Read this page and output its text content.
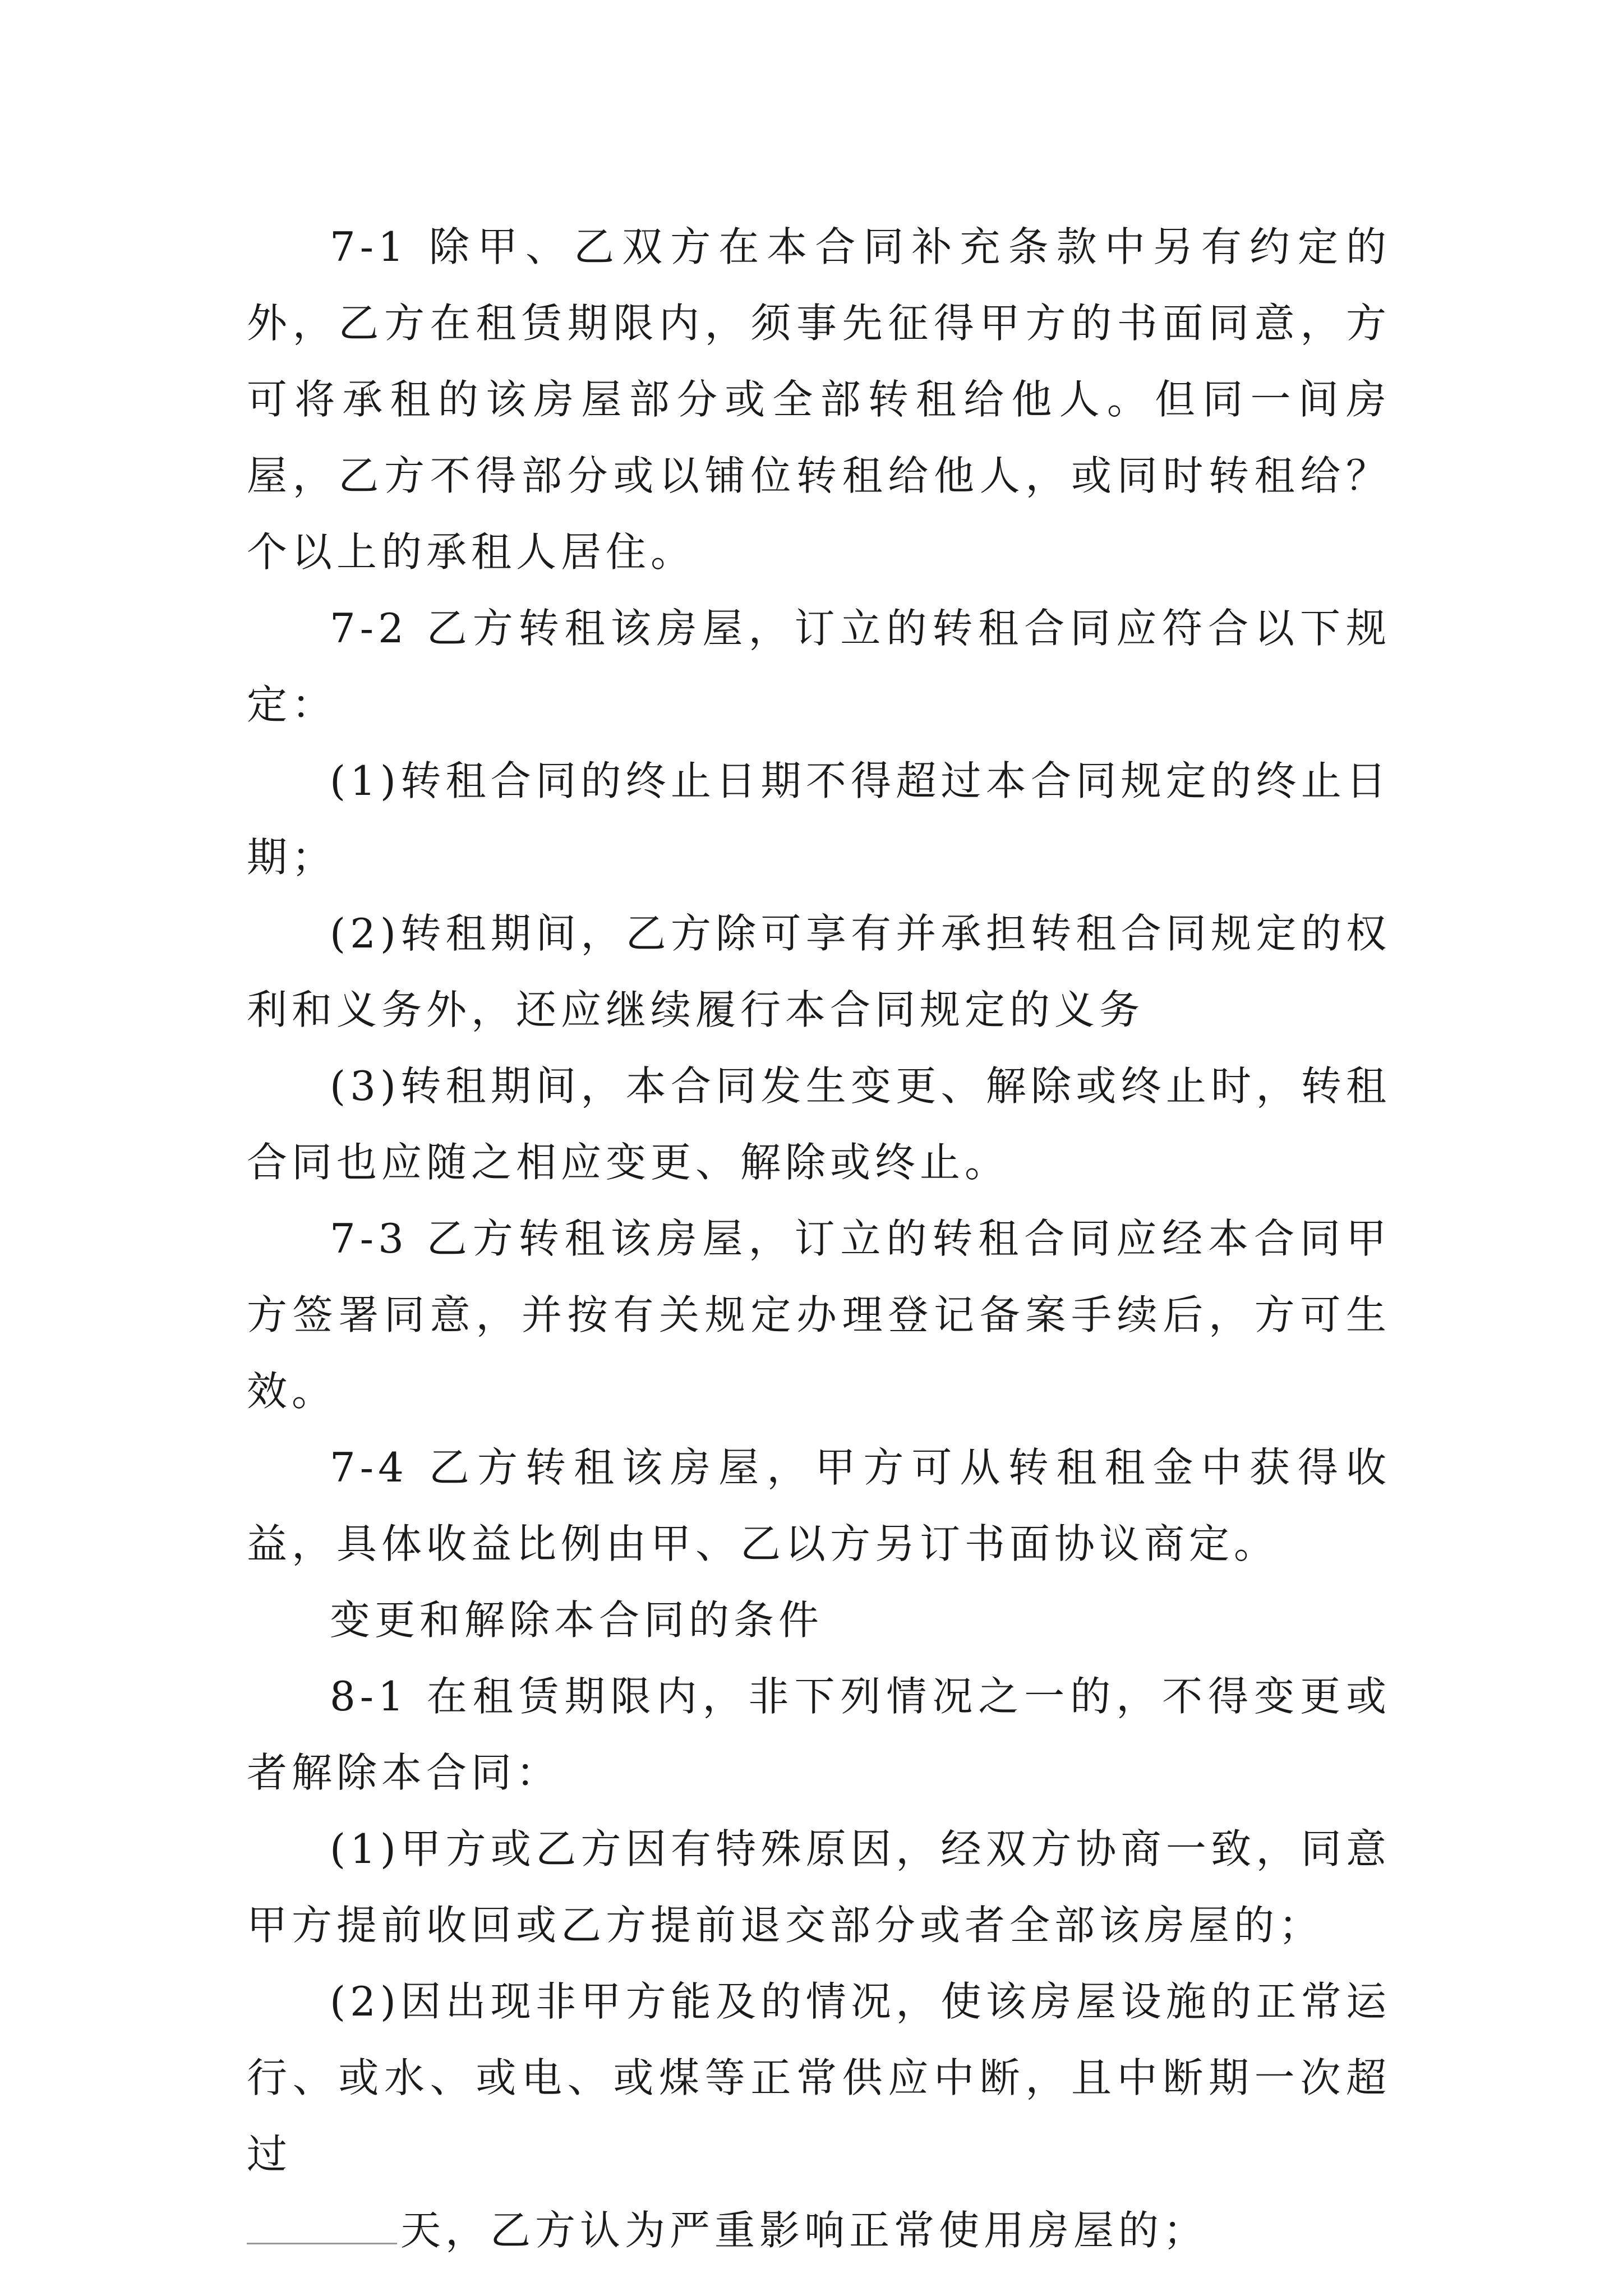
7-1 除甲、乙双方在本合同补充条款中另有约定的外，乙方在租赁期限内，须事先征得甲方的书面同意，方可将承租的该房屋部分或全部转租给他人。但同一间房屋，乙方不得部分或以铺位转租给他人，或同时转租给？个以上的承租人居住。

7-2 乙方转租该房屋，订立的转租合同应符合以下规定：

(1)转租合同的终止日期不得超过本合同规定的终止日期；

(2)转租期间，乙方除可享有并承担转租合同规定的权利和义务外，还应继续履行本合同规定的义务

(3)转租期间，本合同发生变更、解除或终止时，转租合同也应随之相应变更、解除或终止。

7-3 乙方转租该房屋，订立的转租合同应经本合同甲方签署同意，并按有关规定办理登记备案手续后，方可生效。

7-4 乙方转租该房屋，甲方可从转租租金中获得收益，具体收益比例由甲、乙以方另订书面协议商定。

变更和解除本合同的条件

8-1 在租赁期限内，非下列情况之一的，不得变更或者解除本合同：

(1)甲方或乙方因有特殊原因，经双方协商一致，同意甲方提前收回或乙方提前退交部分或者全部该房屋的；

(2)因出现非甲方能及的情况，使该房屋设施的正常运行、或水、或电、或煤等正常供应中断，且中断期一次超过

天，乙方认为严重影响正常使用房屋的；
